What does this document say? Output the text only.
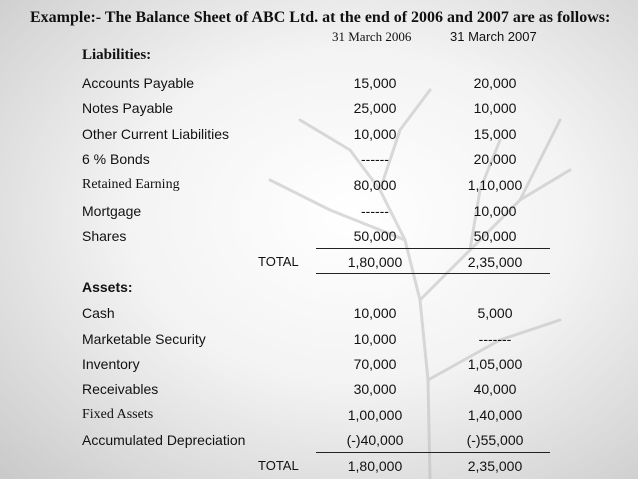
Example:- The Balance Sheet of ABC Ltd. at the end of 2006 and 2007 are as follows:
31 March 2006	31 March 2007
Liabilities:
Accounts Payable	15,000	20,000
Notes Payable	25,000	10,000
Other Current Liabilities	10,000	15,000
6 % Bonds	------	20,000
Retained Earning	80,000	1,10,000
Mortgage	------	10,000
Shares	50,000	50,000
TOTAL	1,80,000	2,35,000
Assets:
Cash	10,000	5,000
Marketable Security	10,000	-------
Inventory	70,000	1,05,000
Receivables	30,000	40,000
Fixed Assets	1,00,000	1,40,000
Accumulated Depreciation	(-)40,000	(-)55,000
TOTAL	1,80,000	2,35,000
